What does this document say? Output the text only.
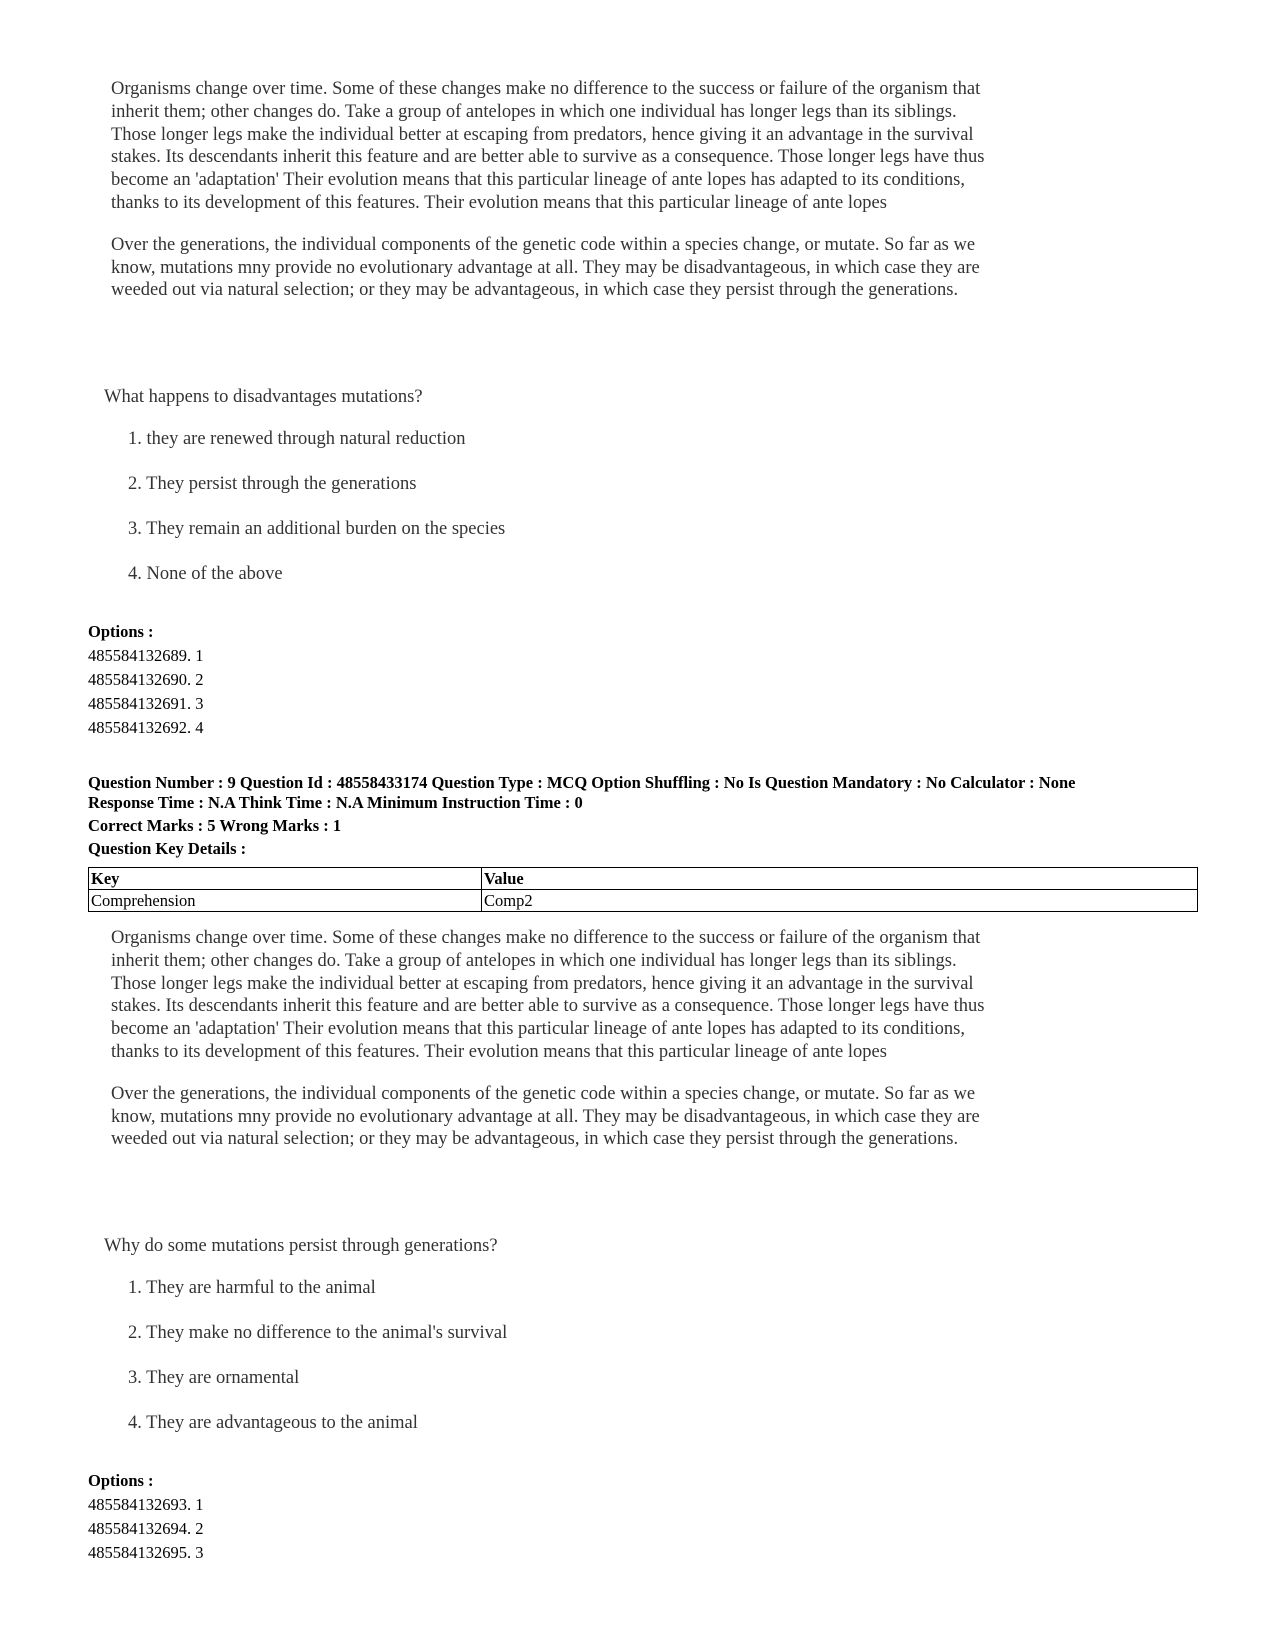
Organisms change over time. Some of these changes make no difference to the success or failure of the organism that inherit them; other changes do. Take a group of antelopes in which one individual has longer legs than its siblings. Those longer legs make the individual better at escaping from predators, hence giving it an advantage in the survival stakes. Its descendants inherit this feature and are better able to survive as a consequence. Those longer legs have thus become an 'adaptation' Their evolution means that this particular lineage of ante lopes has adapted to its conditions, thanks to its development of this features. Their evolution means that this particular lineage of ante lopes

Over the generations, the individual components of the genetic code within a species change, or mutate. So far as we know, mutations mny provide no evolutionary advantage at all. They may be disadvantageous, in which case they are weeded out via natural selection; or they may be advantageous, in which case they persist through the generations.

What happens to disadvantages mutations?
1. they are renewed through natural reduction
2. They persist through the generations
3. They remain an additional burden on the species
4. None of the above
Options :
485584132689. 1
485584132690. 2
485584132691. 3
485584132692. 4
Question Number : 9 Question Id : 48558433174 Question Type : MCQ Option Shuffling : No Is Question Mandatory : No Calculator : None
Response Time : N.A Think Time : N.A Minimum Instruction Time : 0
Correct Marks : 5 Wrong Marks : 1
Question Key Details :
Key	Value
Comprehension	Comp2

Organisms change over time. Some of these changes make no difference to the success or failure of the organism that inherit them; other changes do. Take a group of antelopes in which one individual has longer legs than its siblings. Those longer legs make the individual better at escaping from predators, hence giving it an advantage in the survival stakes. Its descendants inherit this feature and are better able to survive as a consequence. Those longer legs have thus become an 'adaptation' Their evolution means that this particular lineage of ante lopes has adapted to its conditions, thanks to its development of this features. Their evolution means that this particular lineage of ante lopes

Over the generations, the individual components of the genetic code within a species change, or mutate. So far as we know, mutations mny provide no evolutionary advantage at all. They may be disadvantageous, in which case they are weeded out via natural selection; or they may be advantageous, in which case they persist through the generations.

Why do some mutations persist through generations?
1. They are harmful to the animal
2. They make no difference to the animal's survival
3. They are ornamental
4. They are advantageous to the animal
Options :
485584132693. 1
485584132694. 2
485584132695. 3
